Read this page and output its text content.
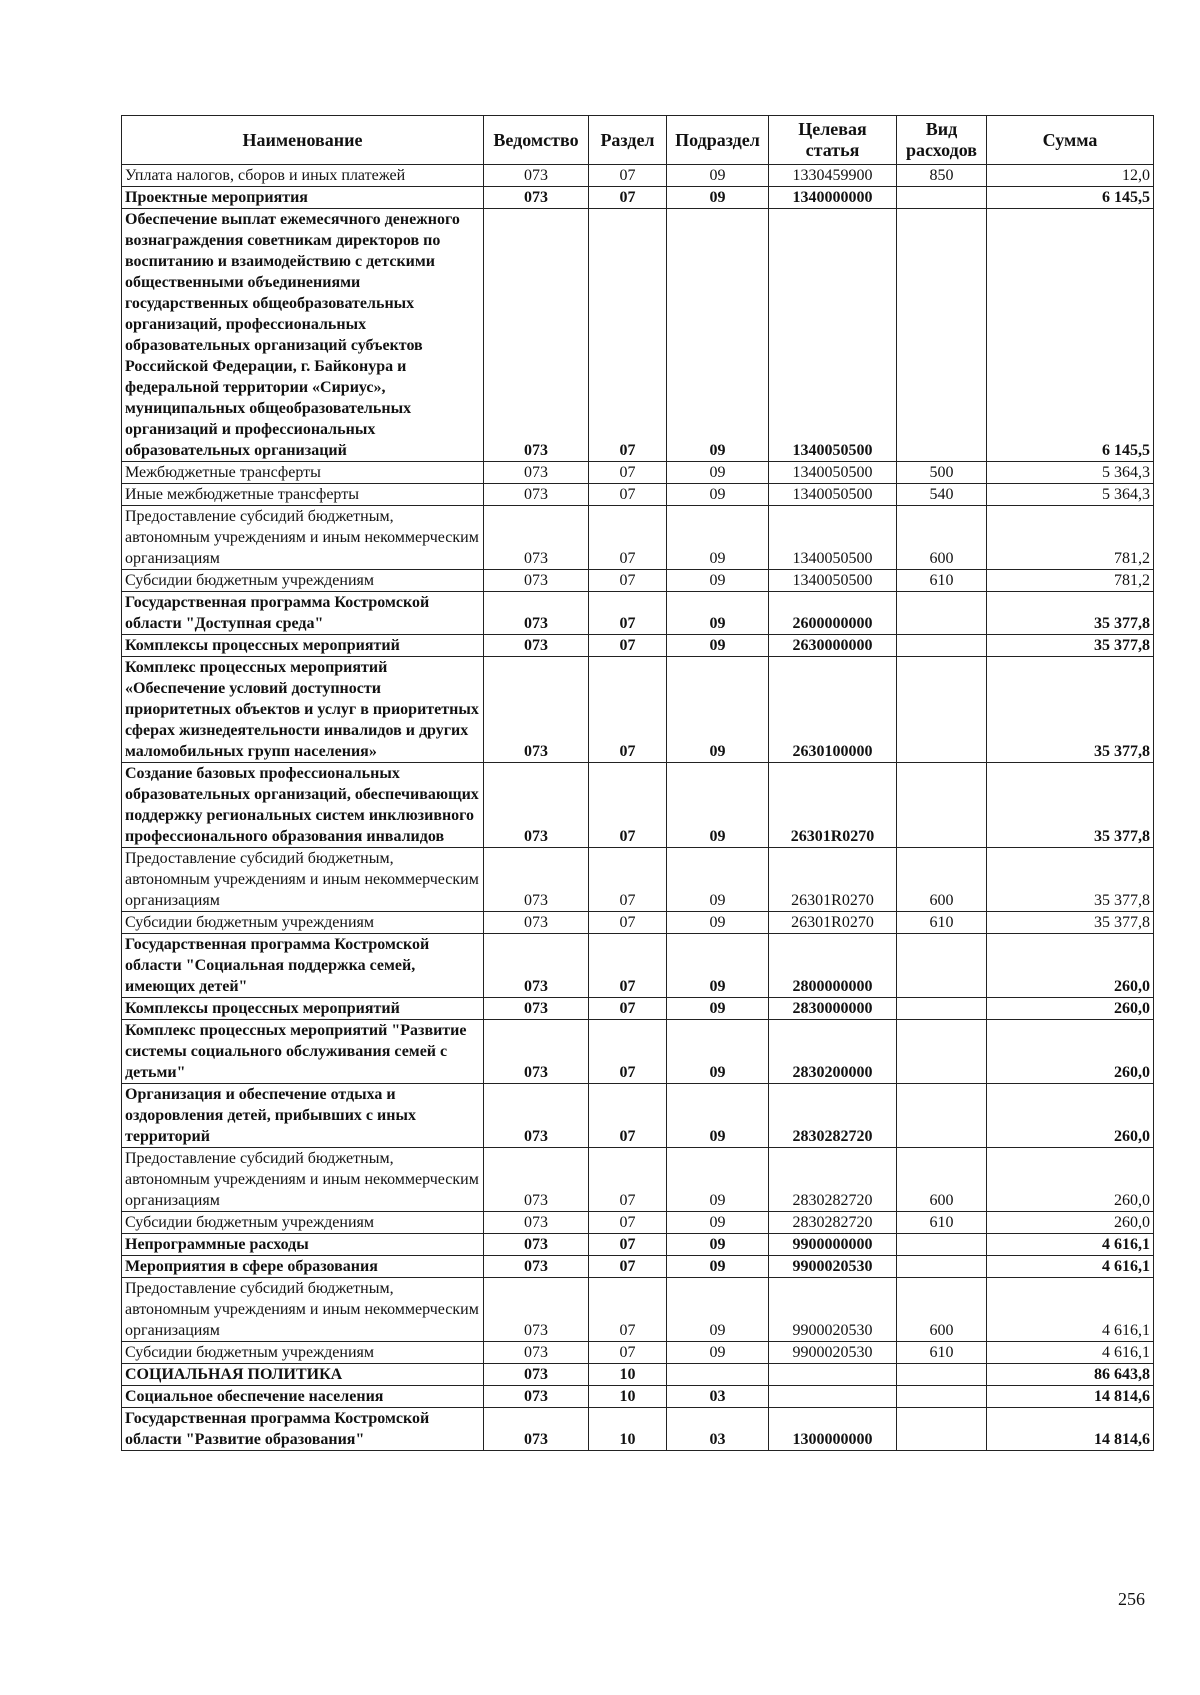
Наименование	Ведомство	Раздел	Подраздел	Целевая статья	Вид расходов	Сумма
Уплата налогов, сборов и иных платежей	073	07	09	1330459900	850	12,0
Проектные мероприятия	073	07	09	1340000000		6 145,5
Обеспечение выплат ежемесячного денежного вознаграждения советникам директоров по воспитанию и взаимодействию с детскими общественными объединениями государственных общеобразовательных организаций, профессиональных образовательных организаций субъектов Российской Федерации, г. Байконура и федеральной территории «Сириус», муниципальных общеобразовательных организаций и профессиональных образовательных организаций	073	07	09	1340050500		6 145,5
Межбюджетные трансферты	073	07	09	1340050500	500	5 364,3
Иные межбюджетные трансферты	073	07	09	1340050500	540	5 364,3
Предоставление субсидий бюджетным, автономным учреждениям и иным некоммерческим организациям	073	07	09	1340050500	600	781,2
Субсидии бюджетным учреждениям	073	07	09	1340050500	610	781,2
Государственная программа Костромской области "Доступная среда"	073	07	09	2600000000		35 377,8
Комплексы процессных мероприятий	073	07	09	2630000000		35 377,8
Комплекс процессных мероприятий «Обеспечение условий доступности приоритетных объектов и услуг в приоритетных сферах жизнедеятельности инвалидов и других маломобильных групп населения»	073	07	09	2630100000		35 377,8
Создание базовых профессиональных образовательных организаций, обеспечивающих поддержку региональных систем инклюзивного профессионального образования инвалидов	073	07	09	26301R0270		35 377,8
Предоставление субсидий бюджетным, автономным учреждениям и иным некоммерческим организациям	073	07	09	26301R0270	600	35 377,8
Субсидии бюджетным учреждениям	073	07	09	26301R0270	610	35 377,8
Государственная программа Костромской области "Социальная поддержка семей, имеющих детей"	073	07	09	2800000000		260,0
Комплексы процессных мероприятий	073	07	09	2830000000		260,0
Комплекс процессных мероприятий "Развитие системы социального обслуживания семей с детьми"	073	07	09	2830200000		260,0
Организация и обеспечение отдыха и оздоровления детей, прибывших с иных территорий	073	07	09	2830282720		260,0
Предоставление субсидий бюджетным, автономным учреждениям и иным некоммерческим организациям	073	07	09	2830282720	600	260,0
Субсидии бюджетным учреждениям	073	07	09	2830282720	610	260,0
Непрограммные расходы	073	07	09	9900000000		4 616,1
Мероприятия в сфере образования	073	07	09	9900020530		4 616,1
Предоставление субсидий бюджетным, автономным учреждениям и иным некоммерческим организациям	073	07	09	9900020530	600	4 616,1
Субсидии бюджетным учреждениям	073	07	09	9900020530	610	4 616,1
СОЦИАЛЬНАЯ ПОЛИТИКА	073	10				86 643,8
Социальное обеспечение населения	073	10	03			14 814,6
Государственная программа Костромской области "Развитие образования"	073	10	03	1300000000		14 814,6
256
